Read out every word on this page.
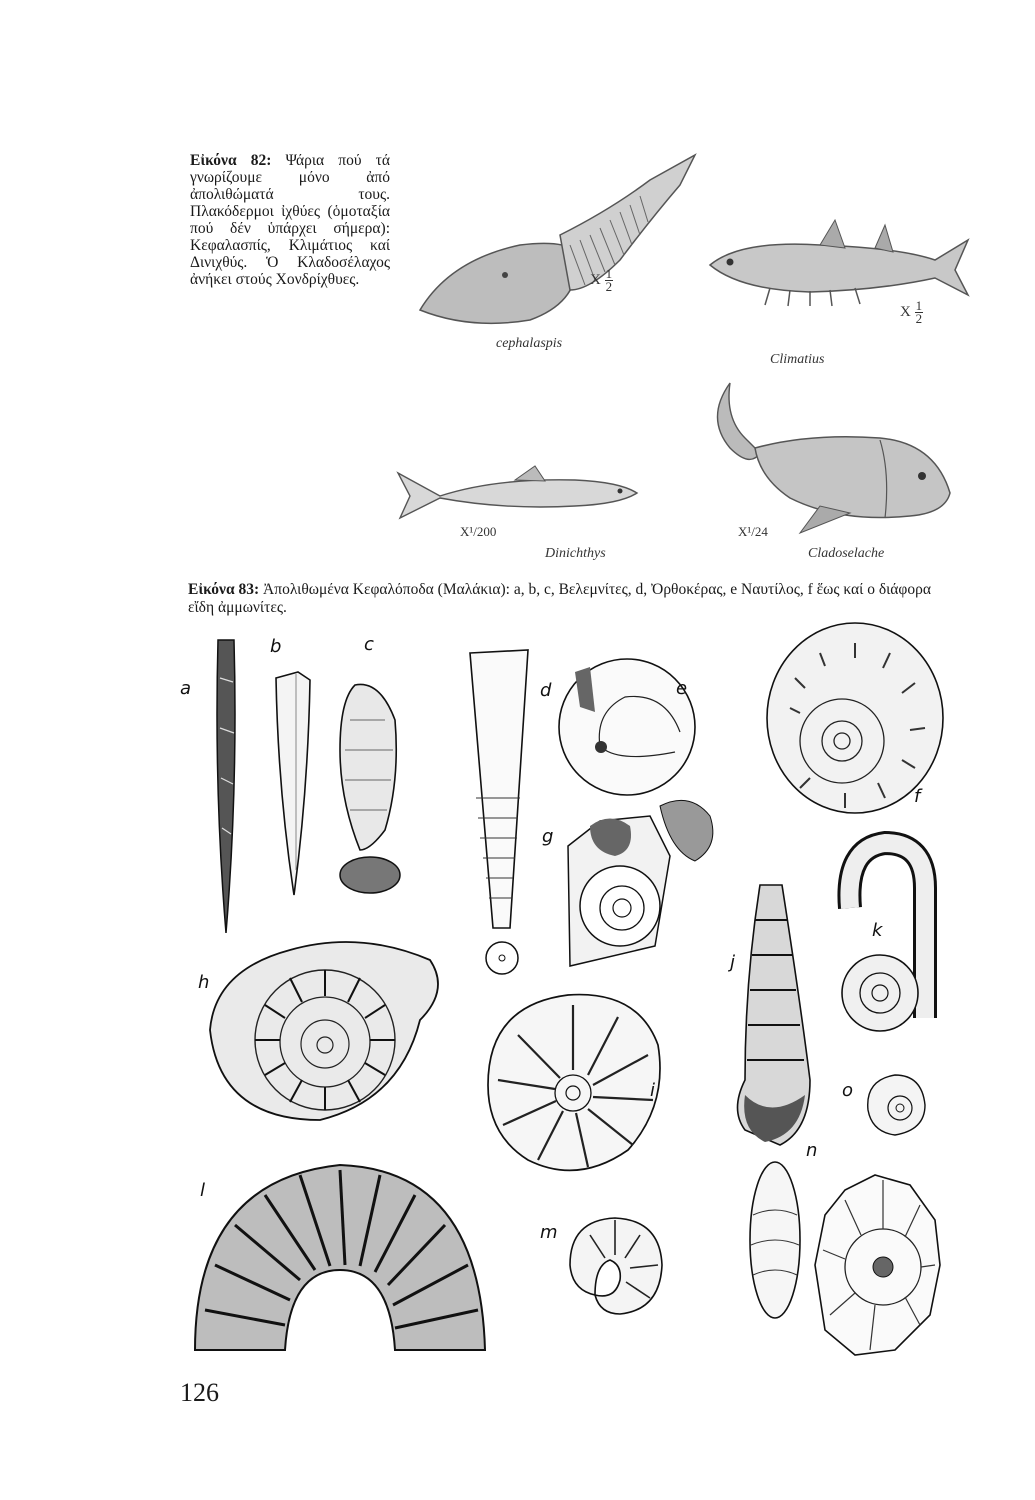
Εἰκόνα 82: Ψάρια πού τά γνωρίζουμε μόνο ἀπό ἀπολιθώματά τους. Πλακόδερμοι ἰχθύες (ὁμοταξία πού δέν ὑπάρχει σήμερα): Κεφαλασπίς, Κλιμάτιος καί Δινιχθύς. Ὁ Κλαδοσέλαχος ἀνήκει στούς Χονδρίχθυες.	X $\frac{1}{2}$
cephalaspis
Climatius
X $\frac{1}{2}$
X¹/200
Dinichthys
X¹/24
Cladoselache
Εἰκόνα 83: Ἀπολιθωμένα Κεφαλόποδα (Μαλάκια): a, b, c, Βελεμνίτες, d, Ὀρθοκέρας, e Ναυτίλος, f ἕως καί ο διάφορα εἴδη ἀμμωνίτες.
a
b	c
d	e
f
g
h
i
j
k
l
m
n
o
126
